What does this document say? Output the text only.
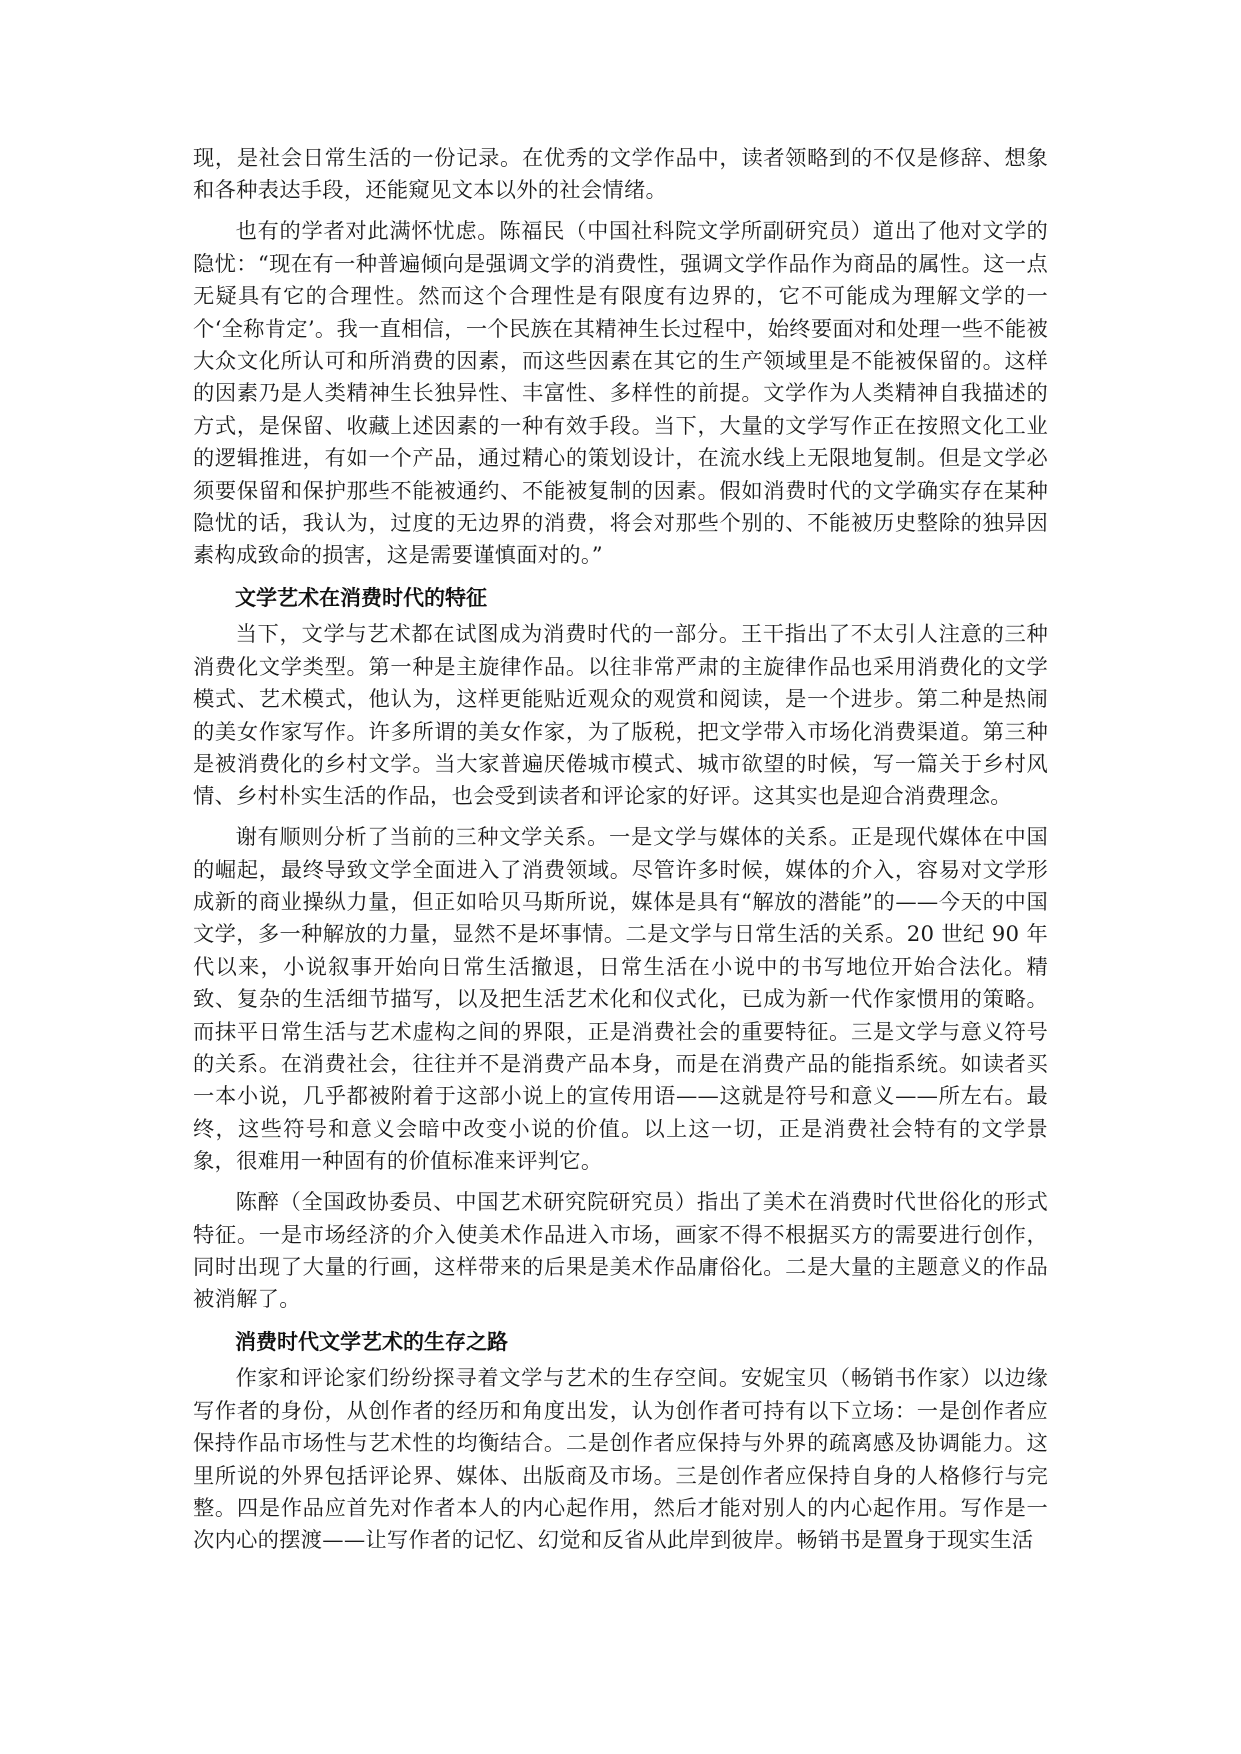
现，是社会日常生活的一份记录。在优秀的文学作品中，读者领略到的不仅是修辞、想象和各种表达手段，还能窥见文本以外的社会情绪。

也有的学者对此满怀忧虑。陈福民（中国社科院文学所副研究员）道出了他对文学的隐忧：“现在有一种普遍倾向是强调文学的消费性，强调文学作品作为商品的属性。这一点无疑具有它的合理性。然而这个合理性是有限度有边界的，它不可能成为理解文学的一个‘全称肯定’。我一直相信，一个民族在其精神生长过程中，始终要面对和处理一些不能被大众文化所认可和所消费的因素，而这些因素在其它的生产领域里是不能被保留的。这样的因素乃是人类精神生长独异性、丰富性、多样性的前提。文学作为人类精神自我描述的方式，是保留、收藏上述因素的一种有效手段。当下，大量的文学写作正在按照文化工业的逻辑推进，有如一个产品，通过精心的策划设计，在流水线上无限地复制。但是文学必须要保留和保护那些不能被通约、不能被复制的因素。假如消费时代的文学确实存在某种隐忧的话，我认为，过度的无边界的消费，将会对那些个别的、不能被历史整除的独异因素构成致命的损害，这是需要谨慎面对的。”

文学艺术在消费时代的特征

当下，文学与艺术都在试图成为消费时代的一部分。王干指出了不太引人注意的三种消费化文学类型。第一种是主旋律作品。以往非常严肃的主旋律作品也采用消费化的文学模式、艺术模式，他认为，这样更能贴近观众的观赏和阅读，是一个进步。第二种是热闹的美女作家写作。许多所谓的美女作家，为了版税，把文学带入市场化消费渠道。第三种是被消费化的乡村文学。当大家普遍厌倦城市模式、城市欲望的时候，写一篇关于乡村风情、乡村朴实生活的作品，也会受到读者和评论家的好评。这其实也是迎合消费理念。

谢有顺则分析了当前的三种文学关系。一是文学与媒体的关系。正是现代媒体在中国的崛起，最终导致文学全面进入了消费领域。尽管许多时候，媒体的介入，容易对文学形成新的商业操纵力量，但正如哈贝马斯所说，媒体是具有“解放的潜能”的——今天的中国文学，多一种解放的力量，显然不是坏事情。二是文学与日常生活的关系。20 世纪 90 年代以来，小说叙事开始向日常生活撤退，日常生活在小说中的书写地位开始合法化。精致、复杂的生活细节描写，以及把生活艺术化和仪式化，已成为新一代作家惯用的策略。而抹平日常生活与艺术虚构之间的界限，正是消费社会的重要特征。三是文学与意义符号的关系。在消费社会，往往并不是消费产品本身，而是在消费产品的能指系统。如读者买一本小说，几乎都被附着于这部小说上的宣传用语——这就是符号和意义——所左右。最终，这些符号和意义会暗中改变小说的价值。以上这一切，正是消费社会特有的文学景象，很难用一种固有的价值标准来评判它。

陈醉（全国政协委员、中国艺术研究院研究员）指出了美术在消费时代世俗化的形式特征。一是市场经济的介入使美术作品进入市场，画家不得不根据买方的需要进行创作，同时出现了大量的行画，这样带来的后果是美术作品庸俗化。二是大量的主题意义的作品被消解了。

消费时代文学艺术的生存之路

作家和评论家们纷纷探寻着文学与艺术的生存空间。安妮宝贝（畅销书作家）以边缘写作者的身份，从创作者的经历和角度出发，认为创作者可持有以下立场：一是创作者应保持作品市场性与艺术性的均衡结合。二是创作者应保持与外界的疏离感及协调能力。这里所说的外界包括评论界、媒体、出版商及市场。三是创作者应保持自身的人格修行与完整。四是作品应首先对作者本人的内心起作用，然后才能对别人的内心起作用。写作是一次内心的摆渡——让写作者的记忆、幻觉和反省从此岸到彼岸。畅销书是置身于现实生活
